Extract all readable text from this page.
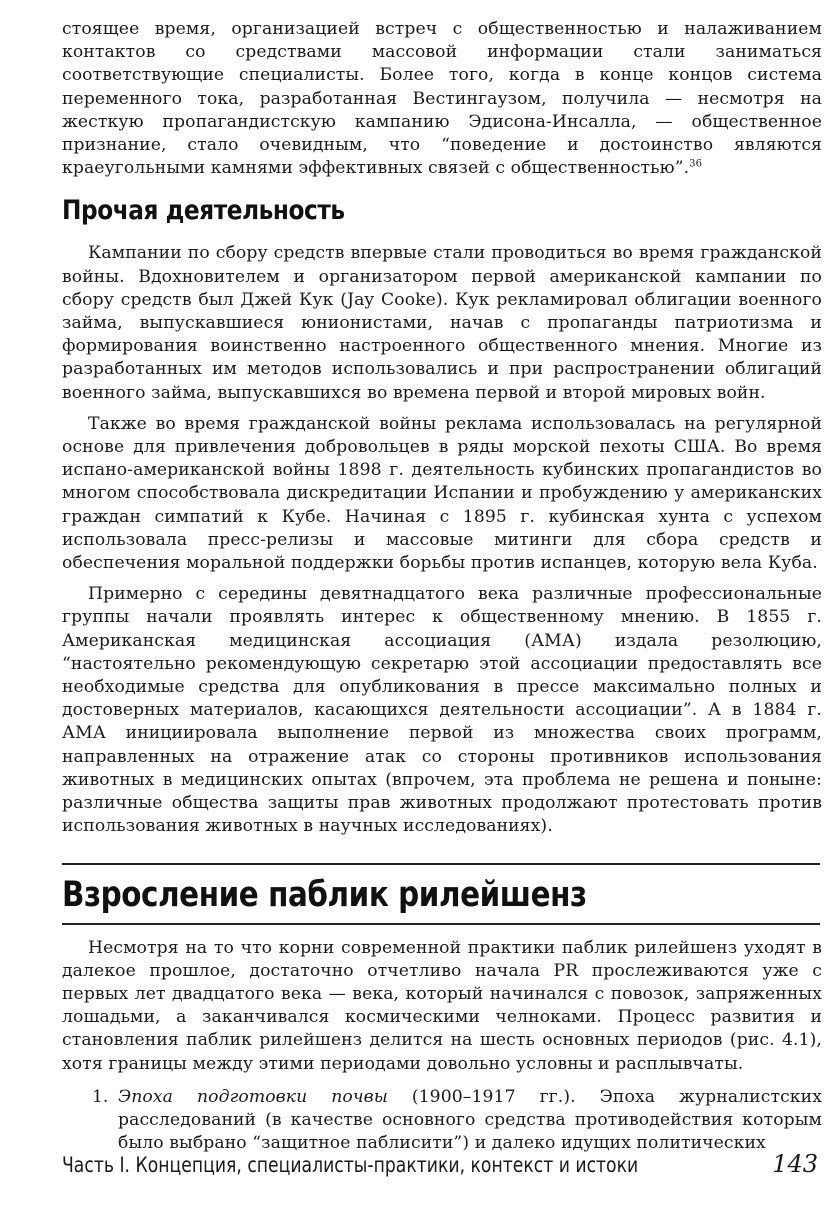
стоящее время, организацией встреч с общественностью и налаживанием контактов со средствами массовой информации стали заниматься соответствующие специалисты. Более того, когда в конце концов система переменного тока, разработанная Вестингаузом, получила — несмотря на жесткую пропагандистскую кампанию Эдисона-Инсалла, — общественное признание, стало очевидным, что “поведение и достоинство являются краеугольными камнями эффективных связей с общественностью”.$^{36}$

Прочая деятельность

Кампании по сбору средств впервые стали проводиться во время гражданской войны. Вдохновителем и организатором первой американской кампании по сбору средств был Джей Кук (Jay Cooke). Кук рекламировал облигации военного займа, выпускавшиеся юнионистами, начав с пропаганды патриотизма и формирования воинственно настроенного общественного мнения. Многие из разработанных им методов использовались и при распространении облигаций военного займа, выпускавшихся во времена первой и второй мировых войн.

Также во время гражданской войны реклама использовалась на регулярной основе для привлечения добровольцев в ряды морской пехоты США. Во время испано-американской войны 1898 г. деятельность кубинских пропагандистов во многом способствовала дискредитации Испании и пробуждению у американских граждан симпатий к Кубе. Начиная с 1895 г. кубинская хунта с успехом использовала пресс-релизы и массовые митинги для сбора средств и обеспечения моральной поддержки борьбы против испанцев, которую вела Куба.

Примерно с середины девятнадцатого века различные профессиональные группы начали проявлять интерес к общественному мнению. В 1855 г. Американская медицинская ассоциация (АМА) издала резолюцию, “настоятельно рекомендующую секретарю этой ассоциации предоставлять все необходимые средства для опубликования в прессе максимально полных и достоверных материалов, касающихся деятельности ассоциации”. А в 1884 г. АМА инициировала выполнение первой из множества своих программ, направленных на отражение атак со стороны противников использования животных в медицинских опытах (впрочем, эта проблема не решена и поныне: различные общества защиты прав животных продолжают протестовать против использования животных в научных исследованиях).

Взросление паблик рилейшенз

Несмотря на то что корни современной практики паблик рилейшенз уходят в далекое прошлое, достаточно отчетливо начала PR прослеживаются уже с первых лет двадцатого века — века, который начинался с повозок, запряженных лошадьми, а заканчивался космическими челноками. Процесс развития и становления паблик рилейшенз делится на шесть основных периодов (рис. 4.1), хотя границы между этими периодами довольно условны и расплывчаты.

1. Эпоха подготовки почвы (1900–1917 гг.). Эпоха журналистских расследований (в качестве основного средства противодействия которым было выбрано “защитное паблисити”) и далеко идущих политических

Часть I. Концепция, специалисты-практики, контекст и истоки	143
